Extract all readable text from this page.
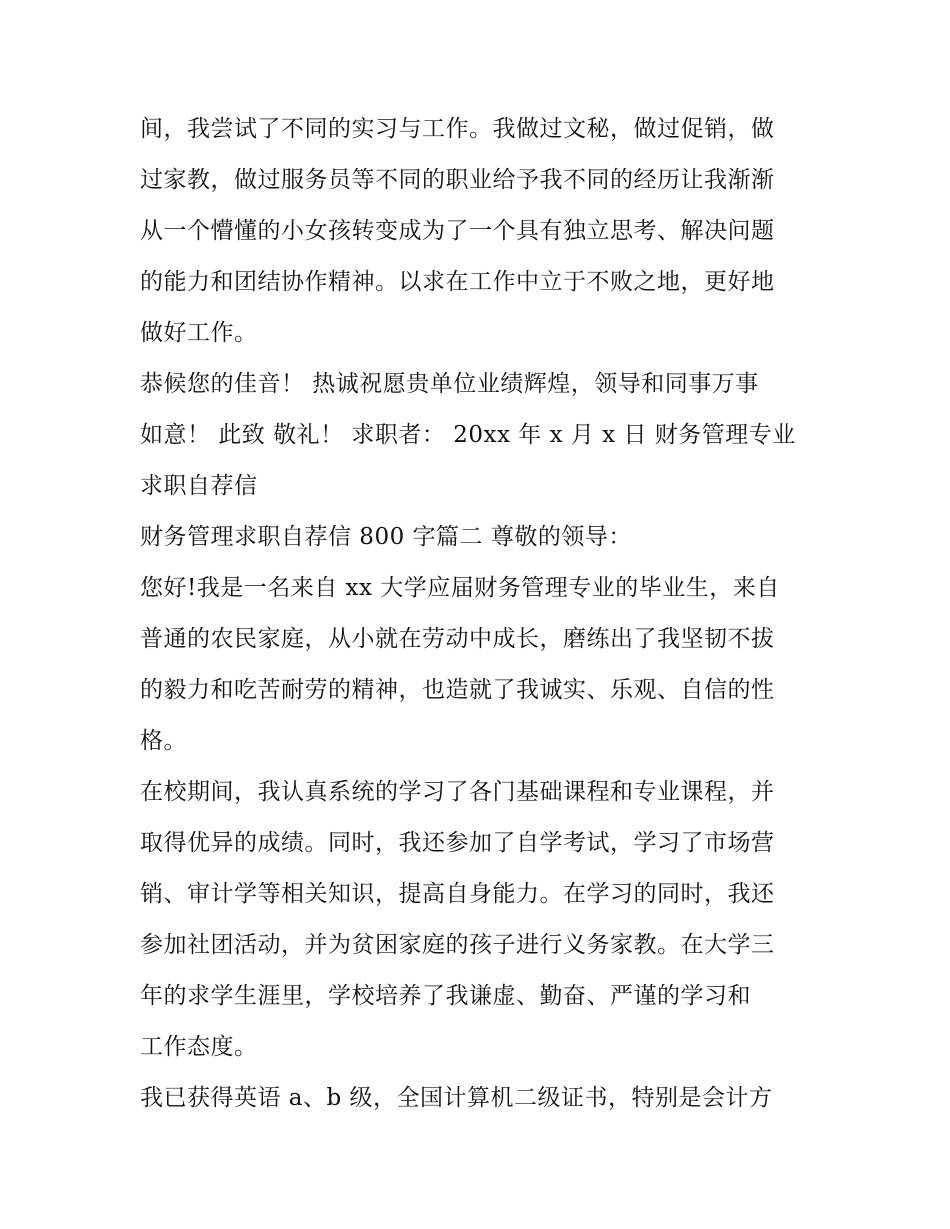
间，我尝试了不同的实习与工作。我做过文秘，做过促销，做
过家教，做过服务员等不同的职业给予我不同的经历让我渐渐
从一个懵懂的小女孩转变成为了一个具有独立思考、解决问题
的能力和团结协作精神。以求在工作中立于不败之地，更好地
做好工作。

恭候您的佳音！ 热诚祝愿贵单位业绩辉煌，领导和同事万事
如意！ 此致 敬礼！ 求职者： 20xx 年 x 月 x 日 财务管理专业
求职自荐信

财务管理求职自荐信 800 字篇二 尊敬的领导：

您好!我是一名来自 xx 大学应届财务管理专业的毕业生，来自
普通的农民家庭，从小就在劳动中成长，磨练出了我坚韧不拔
的毅力和吃苦耐劳的精神，也造就了我诚实、乐观、自信的性
格。

在校期间，我认真系统的学习了各门基础课程和专业课程，并
取得优异的成绩。同时，我还参加了自学考试，学习了市场营
销、审计学等相关知识，提高自身能力。在学习的同时，我还
参加社团活动，并为贫困家庭的孩子进行义务家教。在大学三
年的求学生涯里，学校培养了我谦虚、勤奋、严谨的学习和
工作态度。

我已获得英语 a、b 级，全国计算机二级证书，特别是会计方
